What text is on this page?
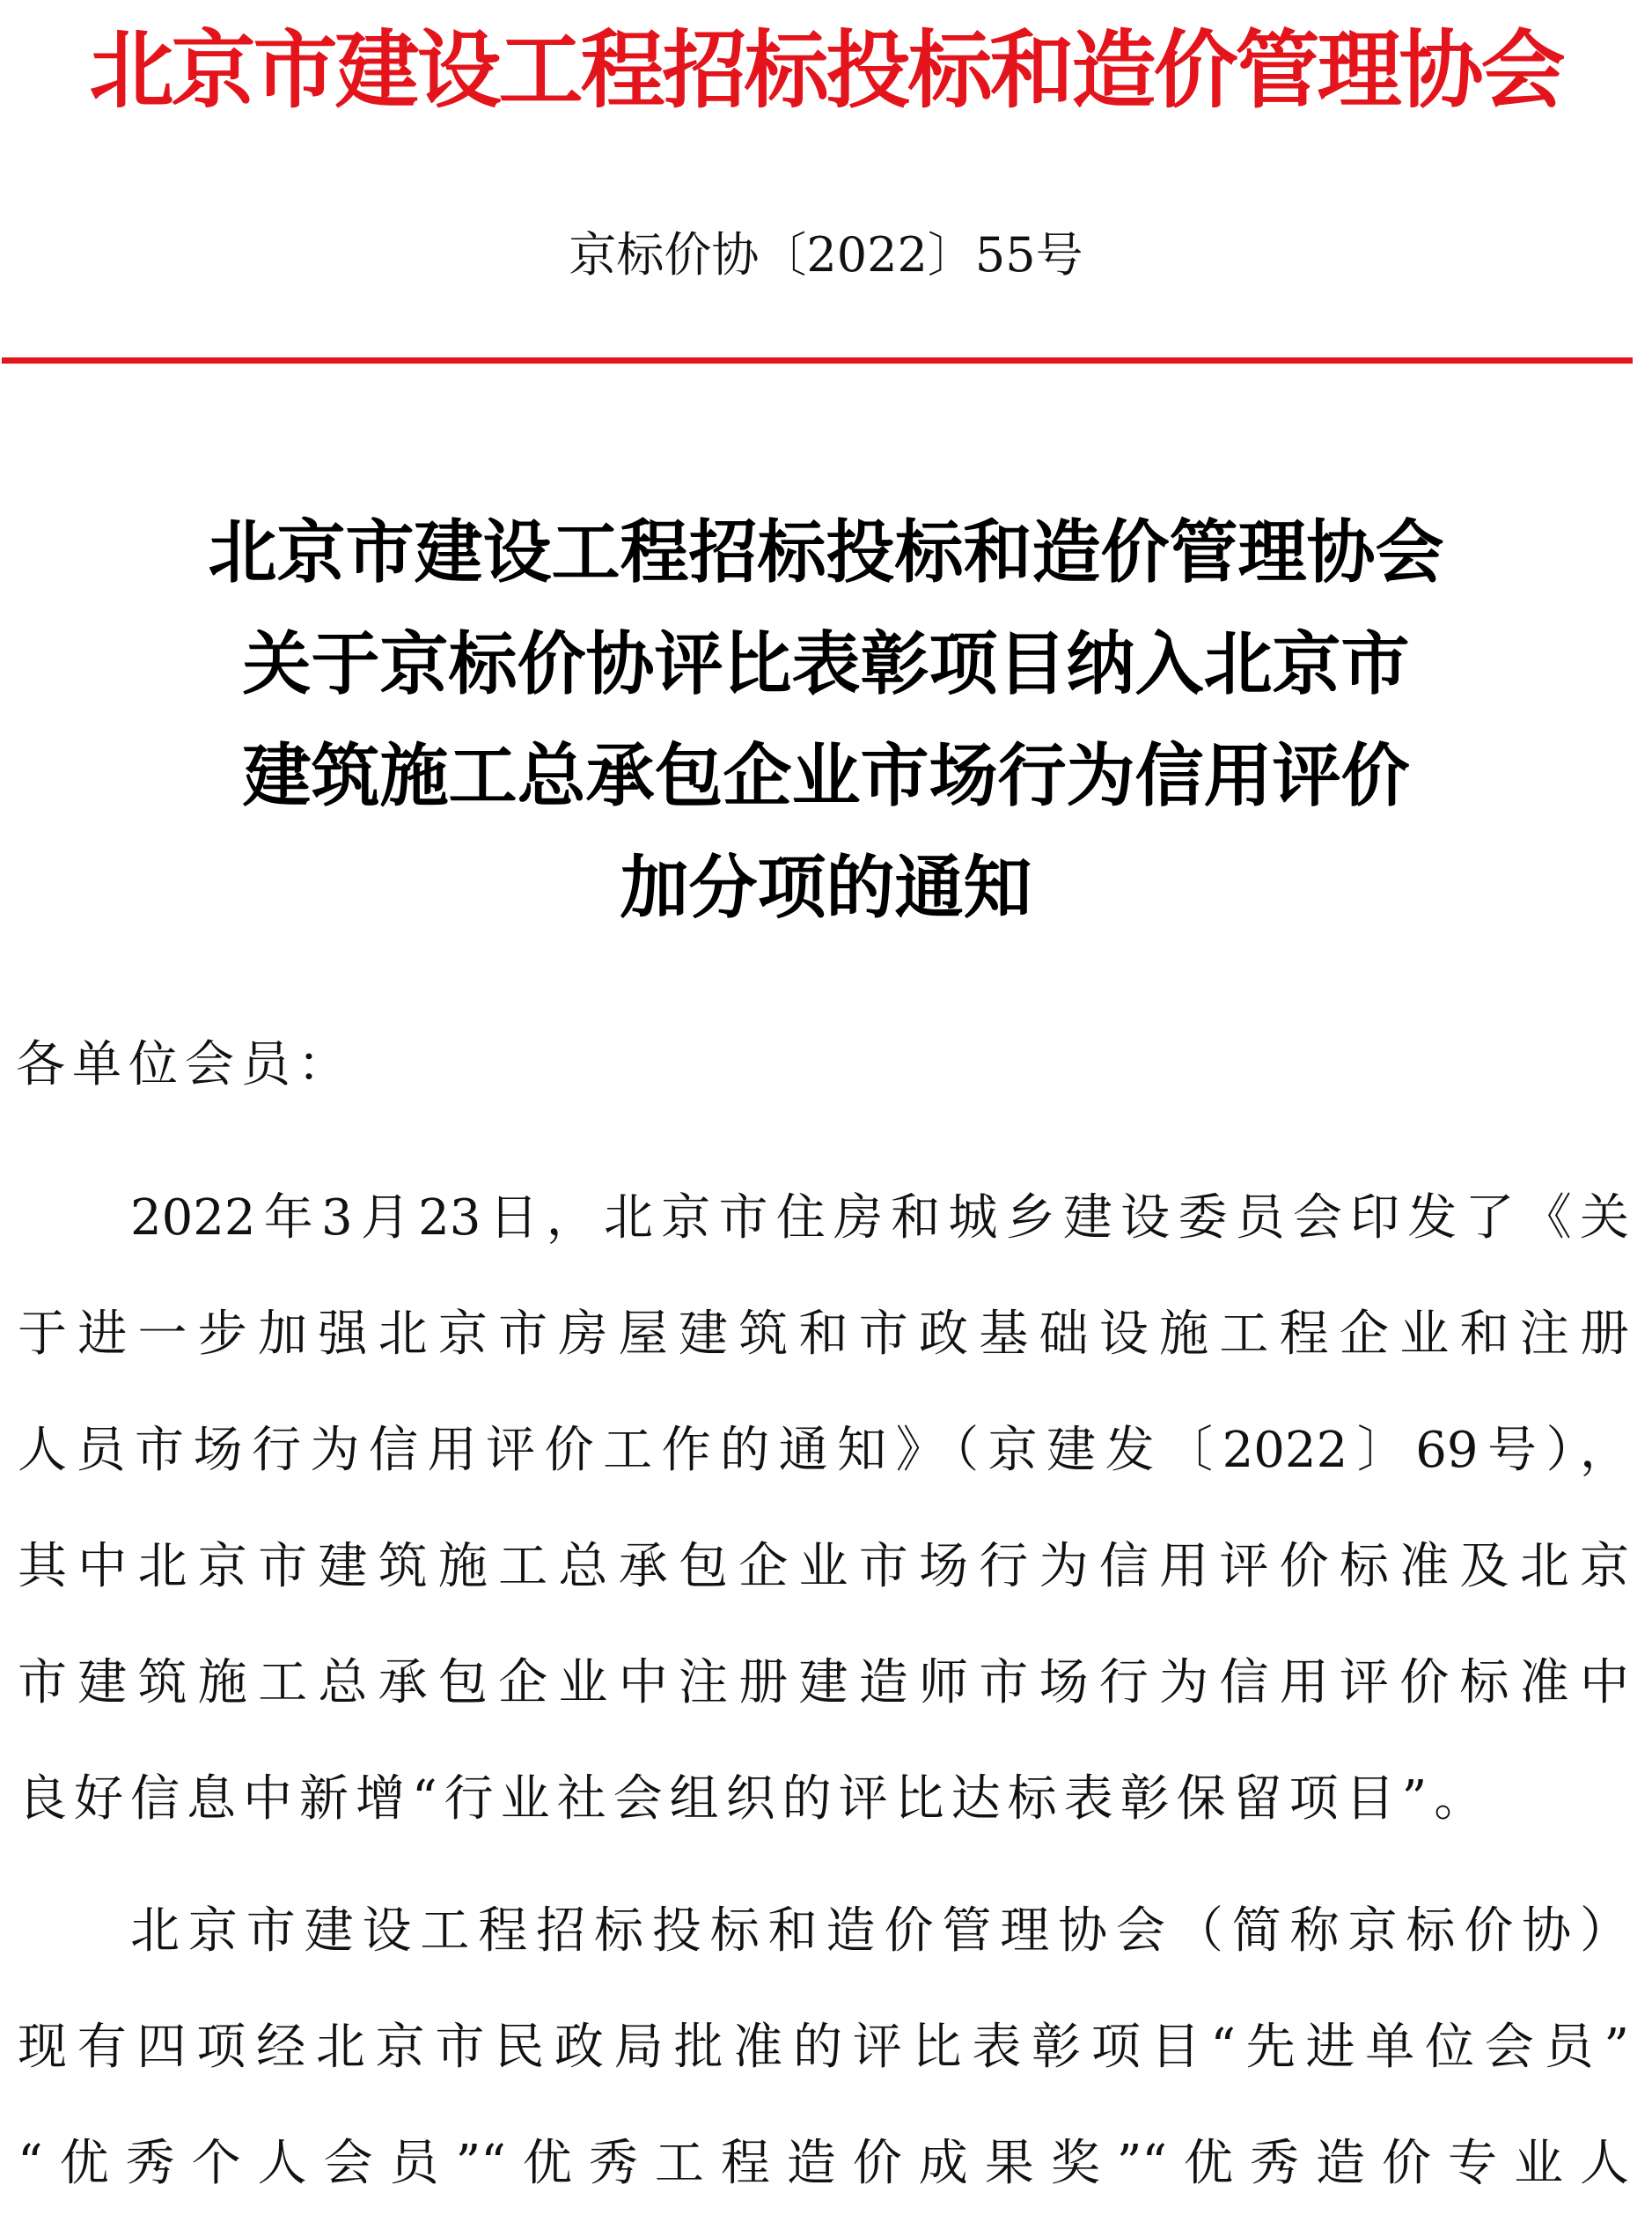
北京市建设工程招标投标和造价管理协会
京标价协〔2022〕55号
北京市建设工程招标投标和造价管理协会
关于京标价协评比表彰项目纳入北京市
建筑施工总承包企业市场行为信用评价
加分项的通知
各单位会员：
2022年3月23日，北京市住房和城乡建设委员会印发了《关
于进一步加强北京市房屋建筑和市政基础设施工程企业和注册
人员市场行为信用评价工作的通知》（京建发〔2022〕69号），
其中北京市建筑施工总承包企业市场行为信用评价标准及北京
市建筑施工总承包企业中注册建造师市场行为信用评价标准中
良好信息中新增“行业社会组织的评比达标表彰保留项目”。
北京市建设工程招标投标和造价管理协会（简称京标价协）
现有四项经北京市民政局批准的评比表彰项目“先进单位会员”
“优秀个人会员”“优秀工程造价成果奖”“优秀造价专业人
